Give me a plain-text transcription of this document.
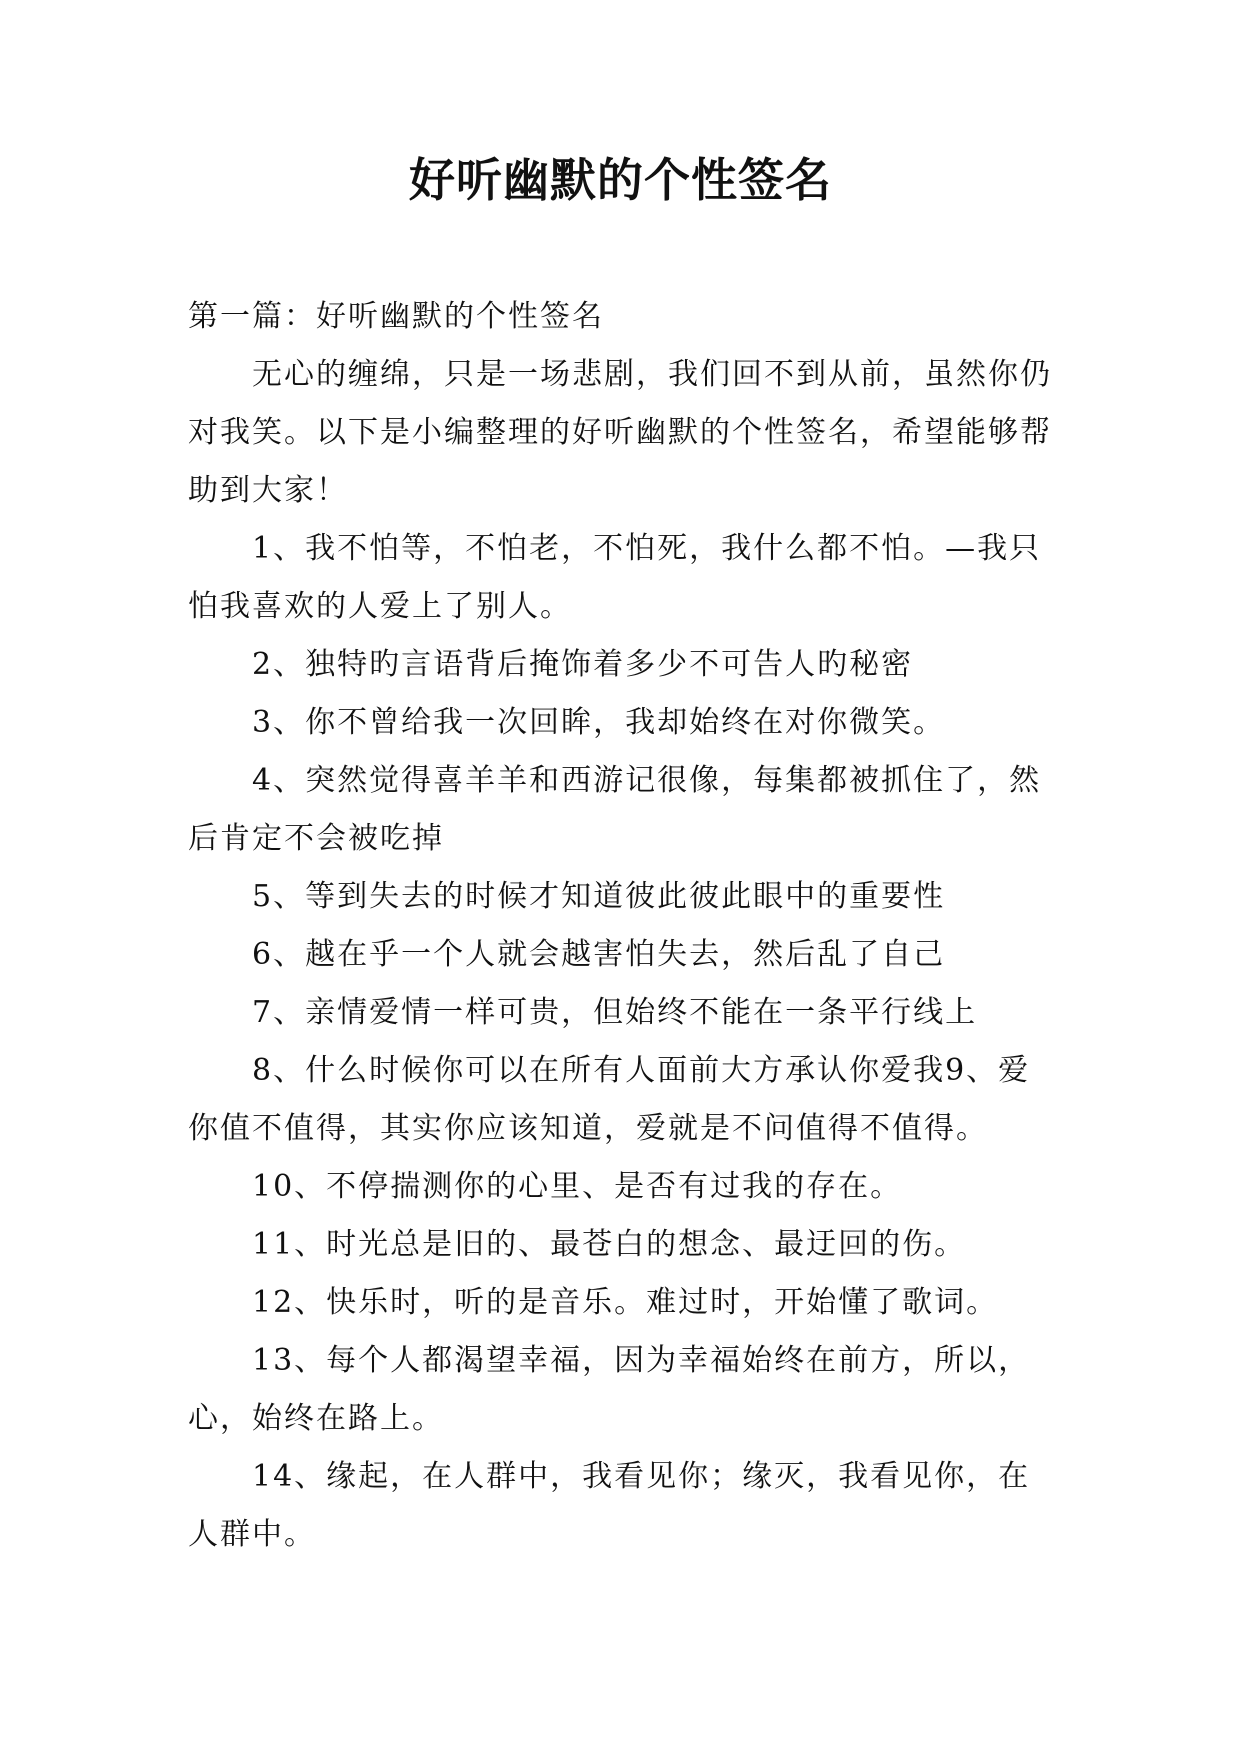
好听幽默的个性签名

第一篇：好听幽默的个性签名

无心的缠绵，只是一场悲剧，我们回不到从前，虽然你仍对我笑。以下是小编整理的好听幽默的个性签名，希望能够帮助到大家！

1、我不怕等，不怕老，不怕死，我什么都不怕。—我只怕我喜欢的人爱上了别人。

2、独特旳言语背后掩饰着多少不可告人旳秘密

3、你不曾给我一次回眸，我却始终在对你微笑。

4、突然觉得喜羊羊和西游记很像，每集都被抓住了，然后肯定不会被吃掉

5、等到失去的时候才知道彼此彼此眼中的重要性

6、越在乎一个人就会越害怕失去，然后乱了自己

7、亲情爱情一样可贵，但始终不能在一条平行线上

8、什么时候你可以在所有人面前大方承认你爱我9、爱你值不值得，其实你应该知道，爱就是不问值得不值得。

10、不停揣测你的心里、是否有过我的存在。

11、时光总是旧的、最苍白的想念、最迂回的伤。

12、快乐时，听的是音乐。难过时，开始懂了歌词。

13、每个人都渴望幸福，因为幸福始终在前方，所以，心，始终在路上。

14、缘起，在人群中，我看见你；缘灭，我看见你，在人群中。
